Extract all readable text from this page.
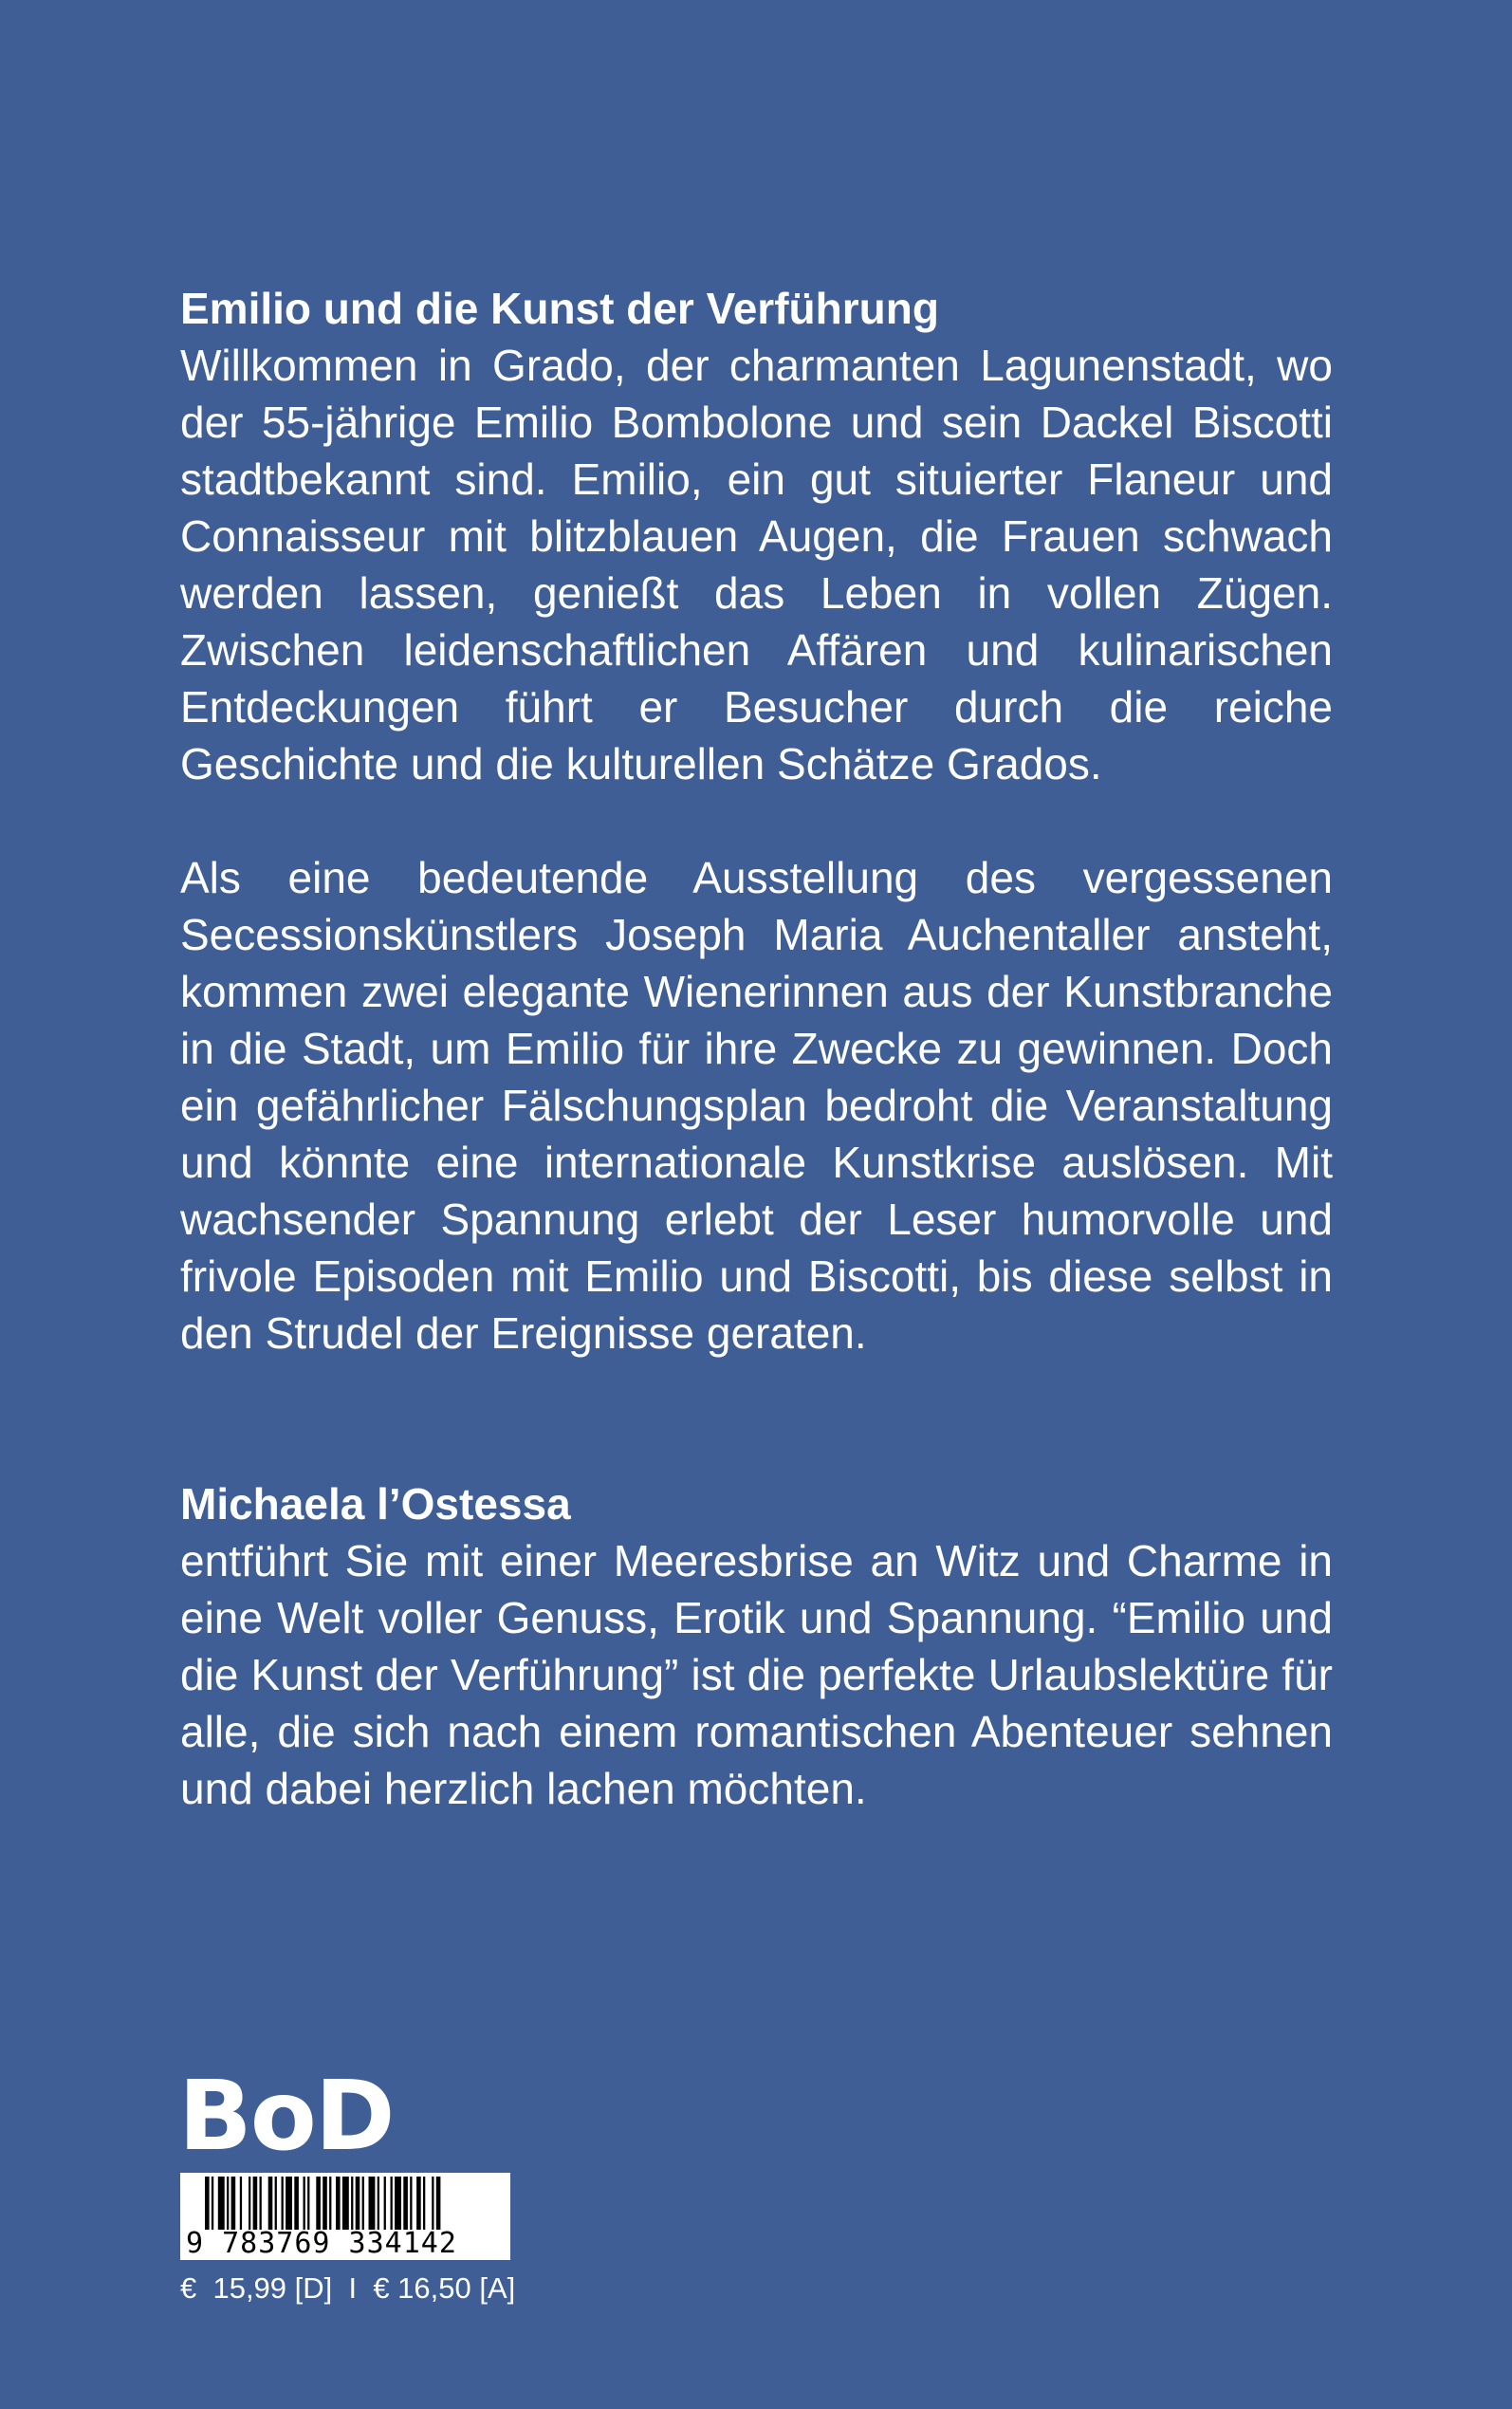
Emilio und die Kunst der Verführung

Willkommen in Grado, der charmanten Lagunenstadt, wo der 55-jährige Emilio Bombolone und sein Dackel Biscotti stadtbekannt sind. Emilio, ein gut situierter Flaneur und Connaisseur mit blitzblauen Augen, die Frauen schwach werden lassen, genießt das Leben in vollen Zügen. Zwischen leidenschaftlichen Affären und kulinarischen Entdeckungen führt er Besucher durch die reiche Geschichte und die kulturellen Schätze Grados.

Als eine bedeutende Ausstellung des vergessenen Secessionskünstlers Joseph Maria Auchentaller ansteht, kommen zwei elegante Wienerinnen aus der Kunstbranche in die Stadt, um Emilio für ihre Zwecke zu gewinnen. Doch ein gefährlicher Fälschungsplan bedroht die Veranstaltung und könnte eine internationale Kunstkrise auslösen. Mit wachsender Spannung erlebt der Leser humorvolle und frivole Episoden mit Emilio und Biscotti, bis diese selbst in den Strudel der Ereignisse geraten.

Michaela l’Ostessa

entführt Sie mit einer Meeresbrise an Witz und Charme in eine Welt voller Genuss, Erotik und Spannung. “Emilio und die Kunst der Verführung” ist die perfekte Urlaubslektüre für alle, die sich nach einem romantischen Abenteuer sehnen und dabei herzlich lachen möchten.

BoD
9 783769 334142
€  15,99 [D]  I  € 16,50 [A]
